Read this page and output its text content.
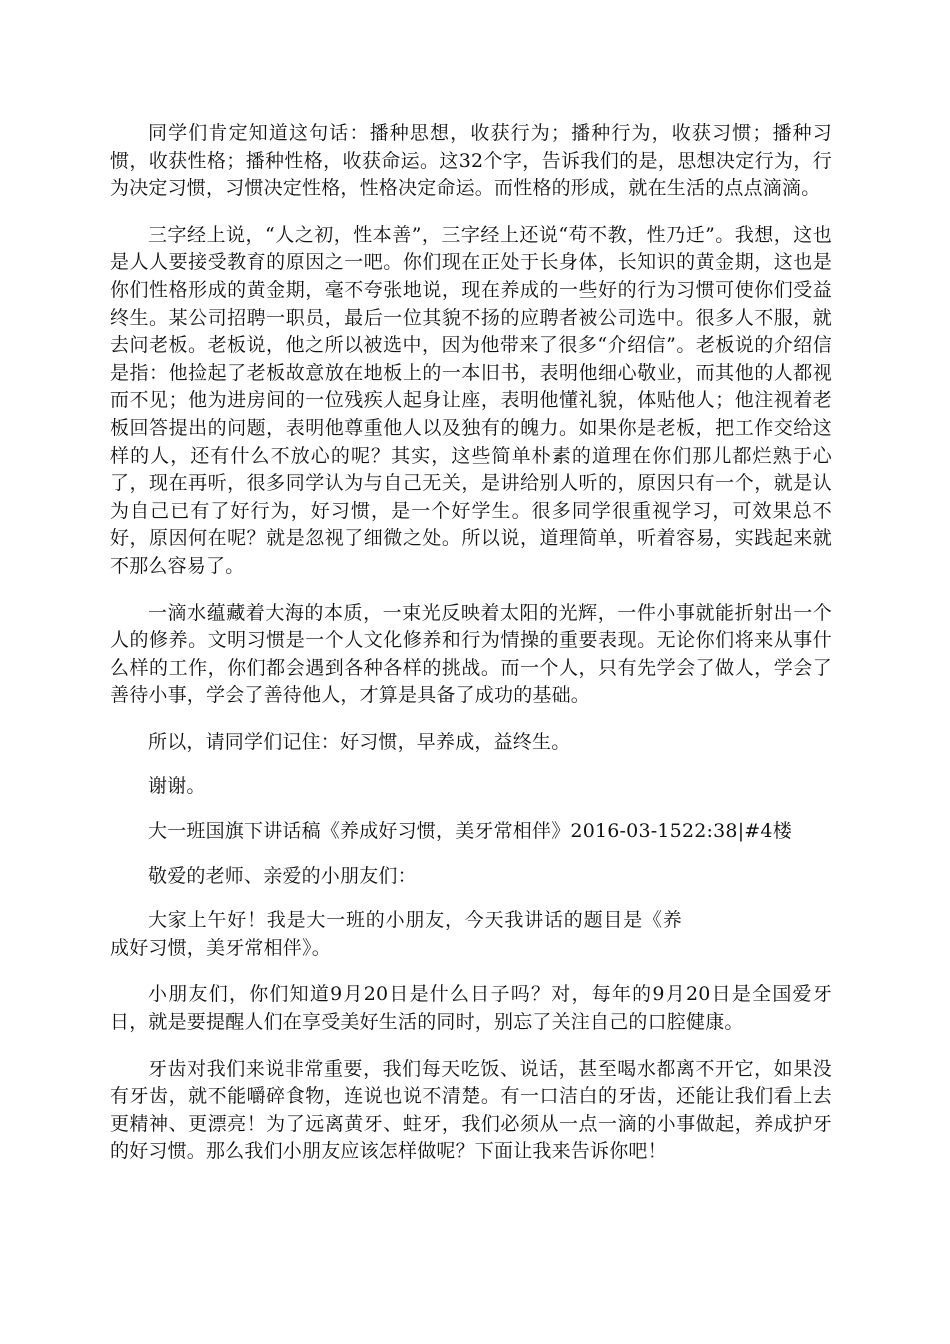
同学们肯定知道这句话：播种思想，收获行为；播种行为，收获习惯；播种习惯，收获性格；播种性格，收获命运。这32个字，告诉我们的是，思想决定行为，行为决定习惯，习惯决定性格，性格决定命运。而性格的形成，就在生活的点点滴滴。

三字经上说，“人之初，性本善”，三字经上还说“苟不教，性乃迁”。我想，这也是人人要接受教育的原因之一吧。你们现在正处于长身体，长知识的黄金期，这也是你们性格形成的黄金期，毫不夸张地说，现在养成的一些好的行为习惯可使你们受益终生。某公司招聘一职员，最后一位其貌不扬的应聘者被公司选中。很多人不服，就去问老板。老板说，他之所以被选中，因为他带来了很多“介绍信”。老板说的介绍信是指：他捡起了老板故意放在地板上的一本旧书，表明他细心敬业，而其他的人都视而不见；他为进房间的一位残疾人起身让座，表明他懂礼貌，体贴他人；他注视着老板回答提出的问题，表明他尊重他人以及独有的魄力。如果你是老板，把工作交给这样的人，还有什么不放心的呢？其实，这些简单朴素的道理在你们那儿都烂熟于心了，现在再听，很多同学认为与自己无关，是讲给别人听的，原因只有一个，就是认为自己已有了好行为，好习惯，是一个好学生。很多同学很重视学习，可效果总不好，原因何在呢？就是忽视了细微之处。所以说，道理简单，听着容易，实践起来就不那么容易了。

一滴水蕴藏着大海的本质，一束光反映着太阳的光辉，一件小事就能折射出一个人的修养。文明习惯是一个人文化修养和行为情操的重要表现。无论你们将来从事什么样的工作，你们都会遇到各种各样的挑战。而一个人，只有先学会了做人，学会了善待小事，学会了善待他人，才算是具备了成功的基础。

所以，请同学们记住：好习惯，早养成，益终生。

谢谢。

大一班国旗下讲话稿《养成好习惯，美牙常相伴》2016-03-1522:38|#4楼

敬爱的老师、亲爱的小朋友们：

大家上午好！我是大一班的小朋友，今天我讲话的题目是《养成好习惯，美牙常相伴》。

小朋友们，你们知道9月20日是什么日子吗？对，每年的9月20日是全国爱牙日，就是要提醒人们在享受美好生活的同时，别忘了关注自己的口腔健康。

牙齿对我们来说非常重要，我们每天吃饭、说话，甚至喝水都离不开它，如果没有牙齿，就不能嚼碎食物，连说也说不清楚。有一口洁白的牙齿，还能让我们看上去更精神、更漂亮！为了远离黄牙、蛀牙，我们必须从一点一滴的小事做起，养成护牙的好习惯。那么我们小朋友应该怎样做呢？下面让我来告诉你吧！
